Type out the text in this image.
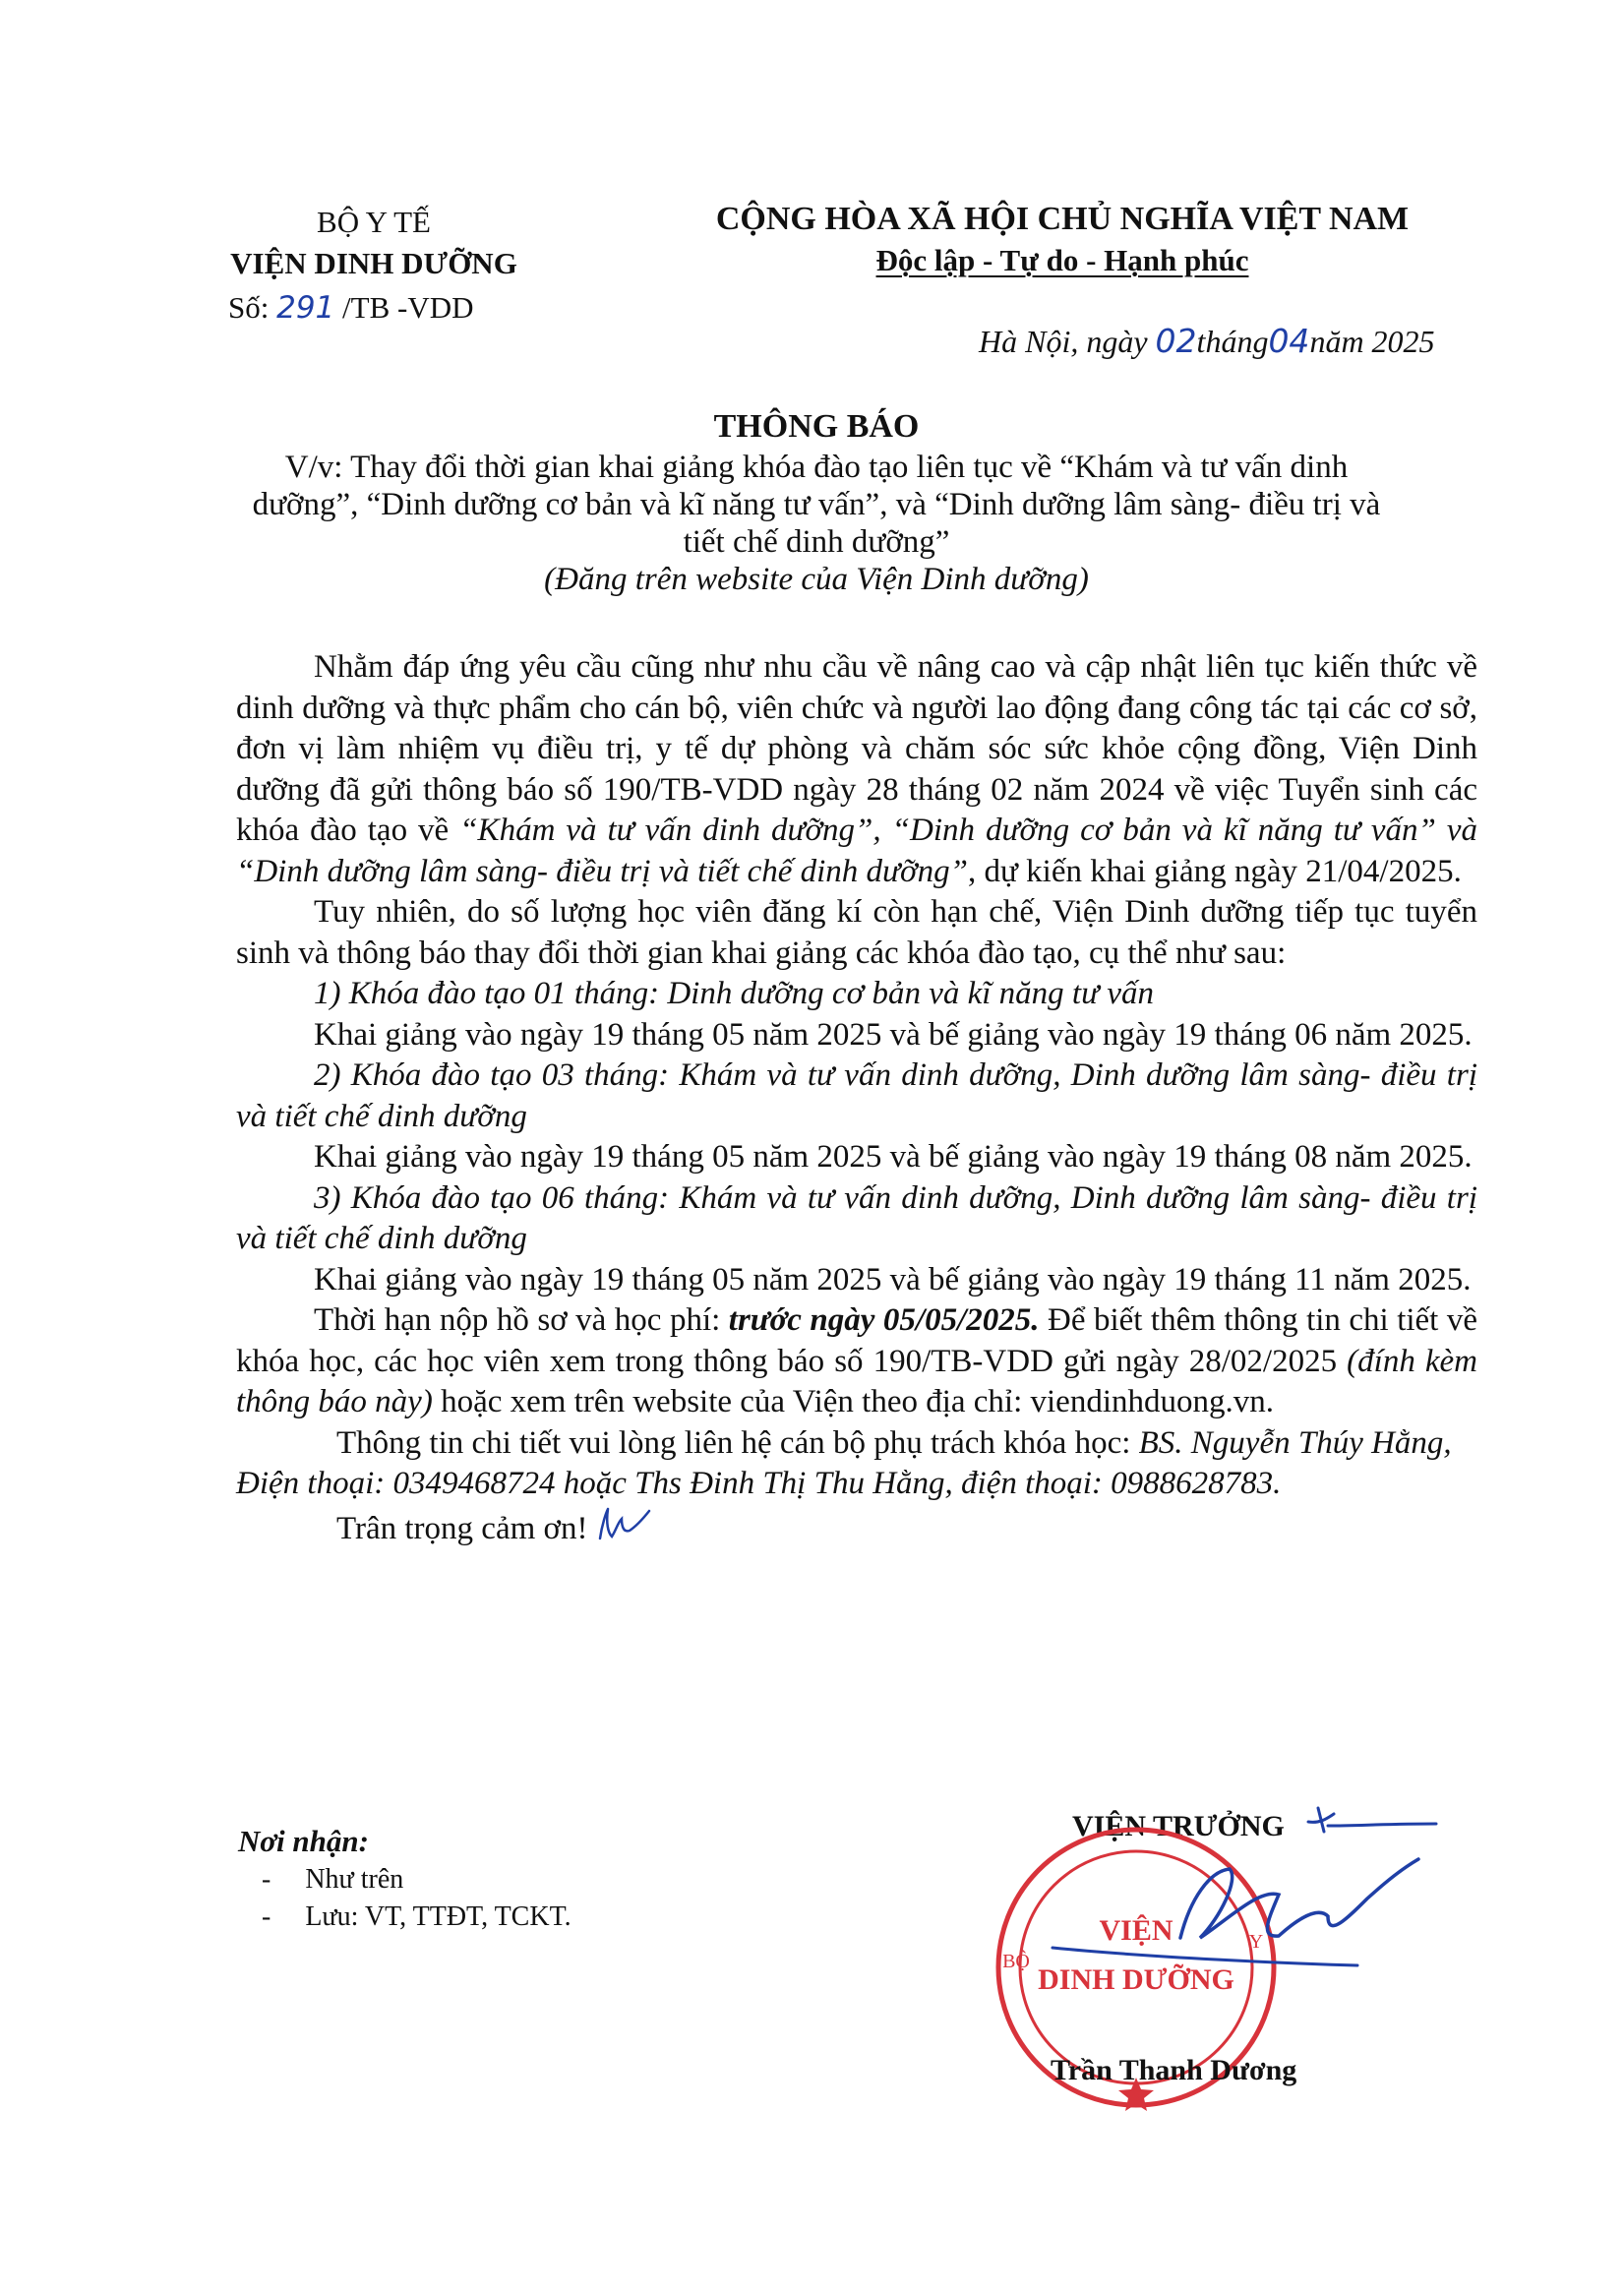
BỘ Y TẾ
VIỆN DINH DƯỠNG
Số: 291 /TB -VDD
CỘNG HÒA XÃ HỘI CHỦ NGHĨA VIỆT NAM
Độc lập - Tự do - Hạnh phúc
Hà Nội, ngày 02tháng04năm 2025
THÔNG BÁO
V/v: Thay đổi thời gian khai giảng khóa đào tạo liên tục về “Khám và tư vấn dinh
dưỡng”, “Dinh dưỡng cơ bản và kĩ năng tư vấn”, và “Dinh dưỡng lâm sàng- điều trị và
tiết chế dinh dưỡng”
(Đăng trên website của Viện Dinh dưỡng)

Nhằm đáp ứng yêu cầu cũng như nhu cầu về nâng cao và cập nhật liên tục kiến thức về dinh dưỡng và thực phẩm cho cán bộ, viên chức và người lao động đang công tác tại các cơ sở, đơn vị làm nhiệm vụ điều trị, y tế dự phòng và chăm sóc sức khỏe cộng đồng, Viện Dinh dưỡng đã gửi thông báo số 190/TB-VDD ngày 28 tháng 02 năm 2024 về việc Tuyển sinh các khóa đào tạo về “Khám và tư vấn dinh dưỡng”, “Dinh dưỡng cơ bản và kĩ năng tư vấn” và “Dinh dưỡng lâm sàng- điều trị và tiết chế dinh dưỡng”, dự kiến khai giảng ngày 21/04/2025.

Tuy nhiên, do số lượng học viên đăng kí còn hạn chế, Viện Dinh dưỡng tiếp tục tuyển sinh và thông báo thay đổi thời gian khai giảng các khóa đào tạo, cụ thể như sau:

1) Khóa đào tạo 01 tháng: Dinh dưỡng cơ bản và kĩ năng tư vấn

Khai giảng vào ngày 19 tháng 05 năm 2025 và bế giảng vào ngày 19 tháng 06 năm 2025.

2) Khóa đào tạo 03 tháng: Khám và tư vấn dinh dưỡng, Dinh dưỡng lâm sàng- điều trị và tiết chế dinh dưỡng

Khai giảng vào ngày 19 tháng 05 năm 2025 và bế giảng vào ngày 19 tháng 08 năm 2025.

3) Khóa đào tạo 06 tháng: Khám và tư vấn dinh dưỡng, Dinh dưỡng lâm sàng- điều trị và tiết chế dinh dưỡng

Khai giảng vào ngày 19 tháng 05 năm 2025 và bế giảng vào ngày 19 tháng 11 năm 2025.

Thời hạn nộp hồ sơ và học phí: trước ngày 05/05/2025. Để biết thêm thông tin chi tiết về khóa học, các học viên xem trong thông báo số 190/TB-VDD gửi ngày 28/02/2025 (đính kèm thông báo này) hoặc xem trên website của Viện theo địa chỉ: viendinhduong.vn.

Thông tin chi tiết vui lòng liên hệ cán bộ phụ trách khóa học: BS. Nguyễn Thúy Hằng, Điện thoại: 0349468724 hoặc Ths Đinh Thị Thu Hằng, điện thoại: 0988628783.

Trân trọng cảm ơn!

Nơi nhận:
-     Như trên
-     Lưu: VT, TTĐT, TCKT.
VIỆN TRƯỞNG
VIỆN
DINH DƯỠNG
BỘ
Y
Trần Thanh Dương
